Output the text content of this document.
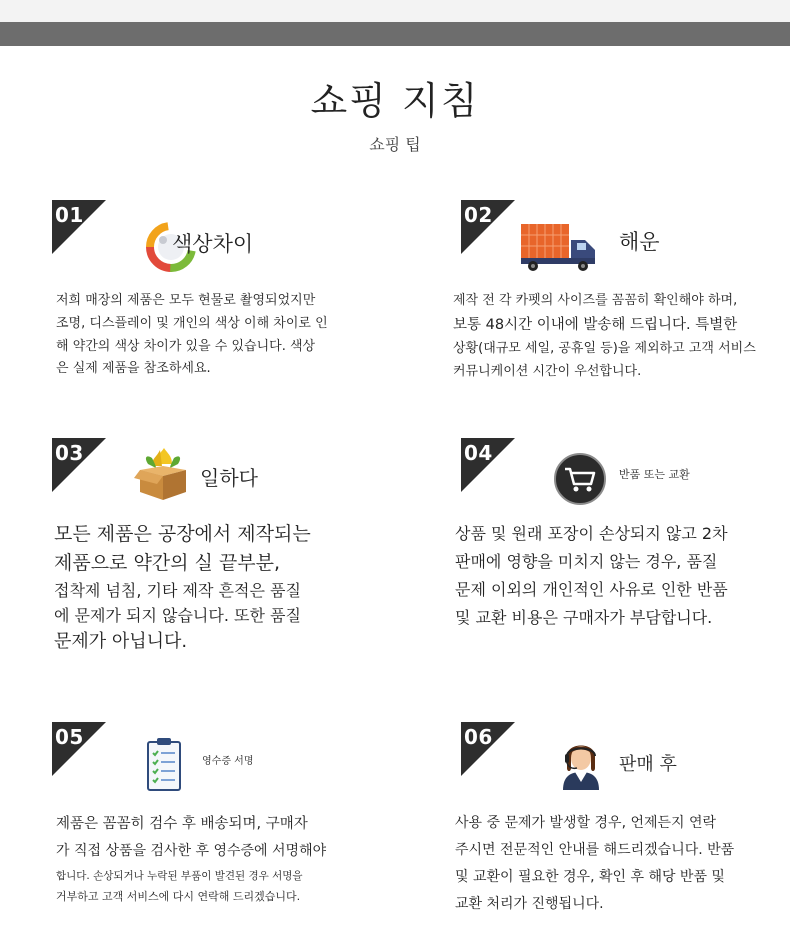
쇼핑 지침
쇼핑 팁
01
색상차이
저희 매장의 제품은 모두 현물로 촬영되었지만
조명, 디스플레이 및 개인의 색상 이해 차이로 인
해 약간의 색상 차이가 있을 수 있습니다. 색상
은 실제 제품을 참조하세요.
02
해운
제작 전 각 카펫의 사이즈를 꼼꼼히 확인해야 하며,
보통 48시간 이내에 발송해 드립니다. 특별한
상황(대규모 세일, 공휴일 등)을 제외하고 고객 서비스
커뮤니케이션 시간이 우선합니다.
03
일하다
모든 제품은 공장에서 제작되는
제품으로 약간의 실 끝부분,
접착제 넘침, 기타 제작 흔적은 품질
에 문제가 되지 않습니다. 또한 품질
문제가 아닙니다.
04
반품 또는 교환
상품 및 원래 포장이 손상되지 않고 2차
판매에 영향을 미치지 않는 경우, 품질
문제 이외의 개인적인 사유로 인한 반품
및 교환 비용은 구매자가 부담합니다.
05
영수증 서명
제품은 꼼꼼히 검수 후 배송되며, 구매자
가 직접 상품을 검사한 후 영수증에 서명해야
합니다. 손상되거나 누락된 부품이 발견된 경우 서명을
거부하고 고객 서비스에 다시 연락해 드리겠습니다.
06
판매 후
사용 중 문제가 발생할 경우, 언제든지 연락
주시면 전문적인 안내를 해드리겠습니다. 반품
및 교환이 필요한 경우, 확인 후 해당 반품 및
교환 처리가 진행됩니다.
